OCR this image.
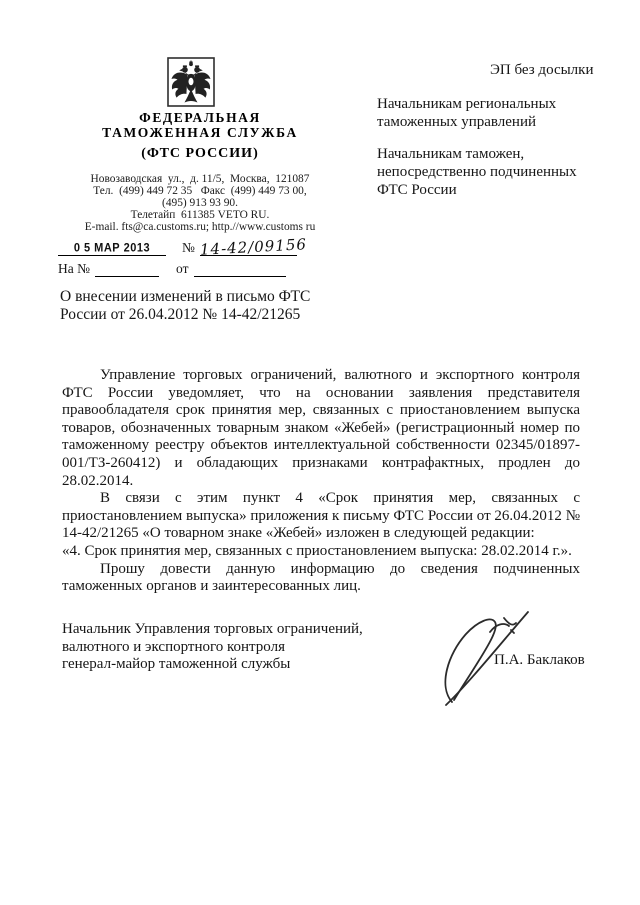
ФЕДЕРАЛЬНАЯ
ТАМОЖЕННАЯ СЛУЖБА
(ФТС РОССИИ)
Новозаводская  ул.,  д. 11/5,  Москва,  121087
Тел.  (499) 449 72 35   Факс  (499) 449 73 00,
(495) 913 93 90.
Телетайп  611385 VETO RU.
E-mail. fts@ca.customs.ru; http.//www.customs ru
ЭП без досылки
Начальникам региональных
таможенных управлений
Начальникам таможен,
непосредственно подчиненных
ФТС России
0 5 МАР 2013 № 14-42/09156
На №	от
О внесении изменений в письмо ФТС
России от 26.04.2012 № 14-42/21265

Управление торговых ограничений, валютного и экспортного контроля ФТС России уведомляет, что на основании заявления представителя правообладателя срок принятия мер, связанных с приостановлением выпуска товаров, обозначенных товарным знаком «Жебей» (регистрационный номер по таможенному реестру объектов интеллектуальной собственности 02345/01897-001/ТЗ-260412) и обладающих признаками контрафактных, продлен до 28.02.2014.

В связи с этим пункт 4 «Срок принятия мер, связанных с приостановлением выпуска» приложения к письму ФТС России от 26.04.2012 № 14-42/21265 «О товарном знаке «Жебей» изложен в следующей редакции:

«4. Срок принятия мер, связанных с приостановлением выпуска: 28.02.2014 г.».

Прошу довести данную информацию до сведения подчиненных таможенных органов и заинтересованных лиц.

Начальник Управления торговых ограничений,
валютного и экспортного контроля
генерал-майор таможенной службы	П.А. Баклаков
